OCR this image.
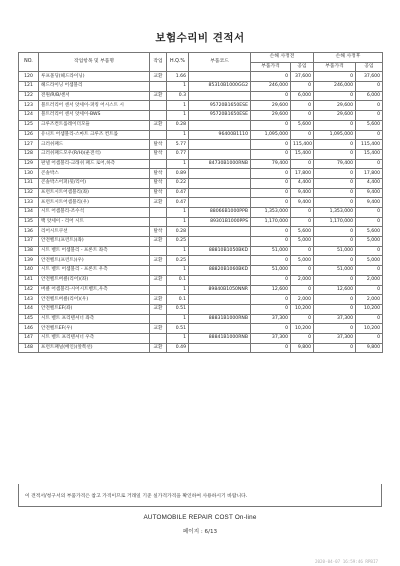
보험수리비 견적서
NO.	작업항목 및 부품명	작업	H.Q.%	부품코드	손해 사정전		손해 사정후	
					부품가격	공임	부품가격	공임
120	루프몰딩(헤드라이닝)	교환	1.66		0	37,600	0	37,600
121	헤드라이닝 어셈블리		1	85310B1000GG2	246,000	0	246,000	0
122	전원/R/B/센서	교환	0.3		0	6,000	0	6,000
123	블트러리어 센서 앗세이-퍼킹 어시스트 시		1	95720B1650ESE	29,600	0	29,600	0
124	블트러리어 센서 앗세이-BWS		1	95720B1650ESE	29,600	0	29,600	0
125	크루즈컨트롤레이더모듈	교환	0.28		0	5,600	0	5,600
126	유니트 어셈블리-스마트 크루즈 컨트롤		1	96400B1110	1,095,000	0	1,095,000	0
127	크러쉬패드	탈착	5.77		0	115,400	0	115,400
128	크러쉬패드모우(R/H)(운전석)	탈착	0.77		0	15,400	0	15,400
129	판넬 어셈블리-크래쉬 패드 로어,하측		1	84730B1000RNB	79,400	0	79,400	0
130	콘솔박스	탈착	0.89		0	17,800	0	17,800
131	콘솔박스어퍼(뒷/리어)	탈착	0.22		0	4,400	0	4,400
132	프런트시트어셈블리(좌)	탈착	0.47		0	9,400	0	9,400
133	프런트시트어셈블리(우)	교환	0.47		0	9,400	0	9,400
134	시트 어셈블리-조수석		1	88066B1000PPB	1,353,000	0	1,353,000	0
135	백 앗세이 - 리어 시트		1	89301B1000PPS	1,170,000	0	1,170,000	0
136	리어시트쿠션	탈착	0.28		0	5,600	0	5,600
137	안전벨트(프런트)(좌)	교환	0.25		0	5,000	0	5,000
138	시트 벨트 어셈블리 - 프론트 좌측		1	88810B1050BKD	51,000	0	51,000	0
139	안전벨트(프런트)(우)	교환	0.25		0	5,000	0	5,000
140	시트 벨트 어셈블리 - 프론트 우측		1	88820B1060BKD	51,000	0	51,000	0
141	안전벨트버클(리어)(좌)	교환	0.1		0	2,000	0	2,000
142	버클 어셈블리-시어시트벨트,우측		1	89840B1050NNR	12,600	0	12,600	0
143	안전벨트버클(리어)(우)	교환	0.1		0	2,000	0	2,000
144	안전벨트EF(좌)	교환	0.51		0	10,200	0	10,200
145	시트 벨트 프리텐셔너 좌측		1	88831B1000RNB	37,300	0	37,300	0
146	안전벨트EF(우)	교환	0.51		0	10,200	0	10,200
147	시트 벨트 프리텐셔너 우측		1	88841B1000RNB	37,300	0	37,300	0
148	프런트패널(베인)(앞쪽선)	교환	0.49		0	9,800	0	9,800
이 견적서/청구서의 부품가격은 참고 가격이므로 거래일 기준 실가격가격을 확인하여 사용하시기 바랍니다.
AUTOMOBILE REPAIR COST On-line
페이지 : 6/13
2020-04-07 16:59:46 RPBI7
